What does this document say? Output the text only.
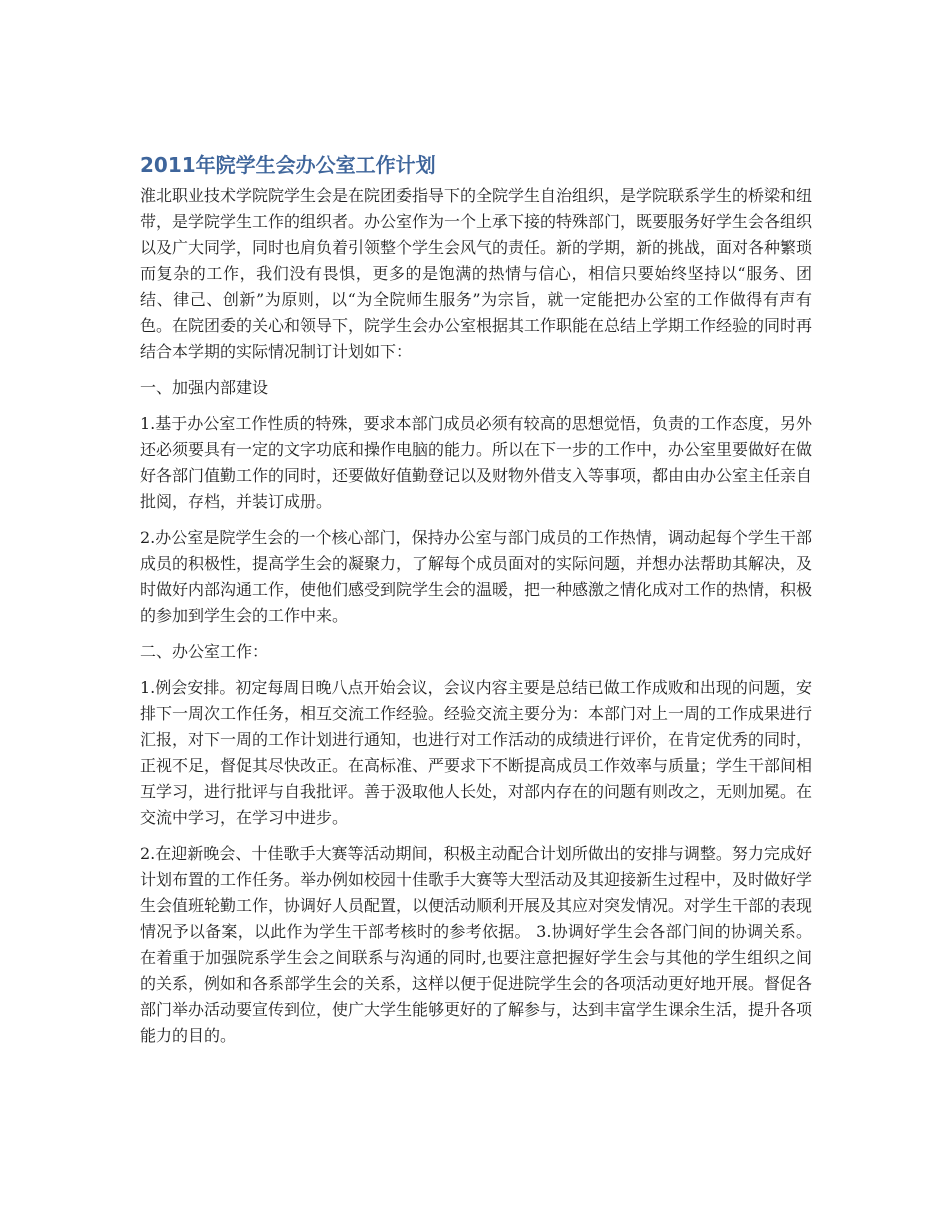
2011年院学生会办公室工作计划

淮北职业技术学院院学生会是在院团委指导下的全院学生自治组织，是学院联系学生的桥梁和纽带，是学院学生工作的组织者。办公室作为一个上承下接的特殊部门，既要服务好学生会各组织以及广大同学，同时也肩负着引领整个学生会风气的责任。新的学期，新的挑战，面对各种繁琐而复杂的工作，我们没有畏惧，更多的是饱满的热情与信心，相信只要始终坚持以“服务、团结、律己、创新”为原则，以“为全院师生服务”为宗旨，就一定能把办公室的工作做得有声有色。在院团委的关心和领导下，院学生会办公室根据其工作职能在总结上学期工作经验的同时再结合本学期的实际情况制订计划如下：

一、加强内部建设

1.基于办公室工作性质的特殊，要求本部门成员必须有较高的思想觉悟，负责的工作态度，另外还必须要具有一定的文字功底和操作电脑的能力。所以在下一步的工作中，办公室里要做好在做好各部门值勤工作的同时，还要做好值勤登记以及财物外借支入等事项，都由由办公室主任亲自批阅，存档，并装订成册。

2.办公室是院学生会的一个核心部门，保持办公室与部门成员的工作热情，调动起每个学生干部成员的积极性，提高学生会的凝聚力，了解每个成员面对的实际问题，并想办法帮助其解决，及时做好内部沟通工作，使他们感受到院学生会的温暖，把一种感激之情化成对工作的热情，积极的参加到学生会的工作中来。

二、办公室工作：

1.例会安排。初定每周日晚八点开始会议，会议内容主要是总结已做工作成败和出现的问题，安排下一周次工作任务，相互交流工作经验。经验交流主要分为：本部门对上一周的工作成果进行汇报，对下一周的工作计划进行通知，也进行对工作活动的成绩进行评价，在肯定优秀的同时，正视不足，督促其尽快改正。在高标准、严要求下不断提高成员工作效率与质量；学生干部间相互学习，进行批评与自我批评。善于汲取他人长处，对部内存在的问题有则改之，无则加冕。在交流中学习，在学习中进步。

2.在迎新晚会、十佳歌手大赛等活动期间，积极主动配合计划所做出的安排与调整。努力完成好计划布置的工作任务。举办例如校园十佳歌手大赛等大型活动及其迎接新生过程中，及时做好学生会值班轮勤工作，协调好人员配置，以便活动顺利开展及其应对突发情况。对学生干部的表现情况予以备案，以此作为学生干部考核时的参考依据。 3.协调好学生会各部门间的协调关系。在着重于加强院系学生会之间联系与沟通的同时,也要注意把握好学生会与其他的学生组织之间的关系，例如和各系部学生会的关系，这样以便于促进院学生会的各项活动更好地开展。督促各部门举办活动要宣传到位，使广大学生能够更好的了解参与，达到丰富学生课余生活，提升各项能力的目的。
